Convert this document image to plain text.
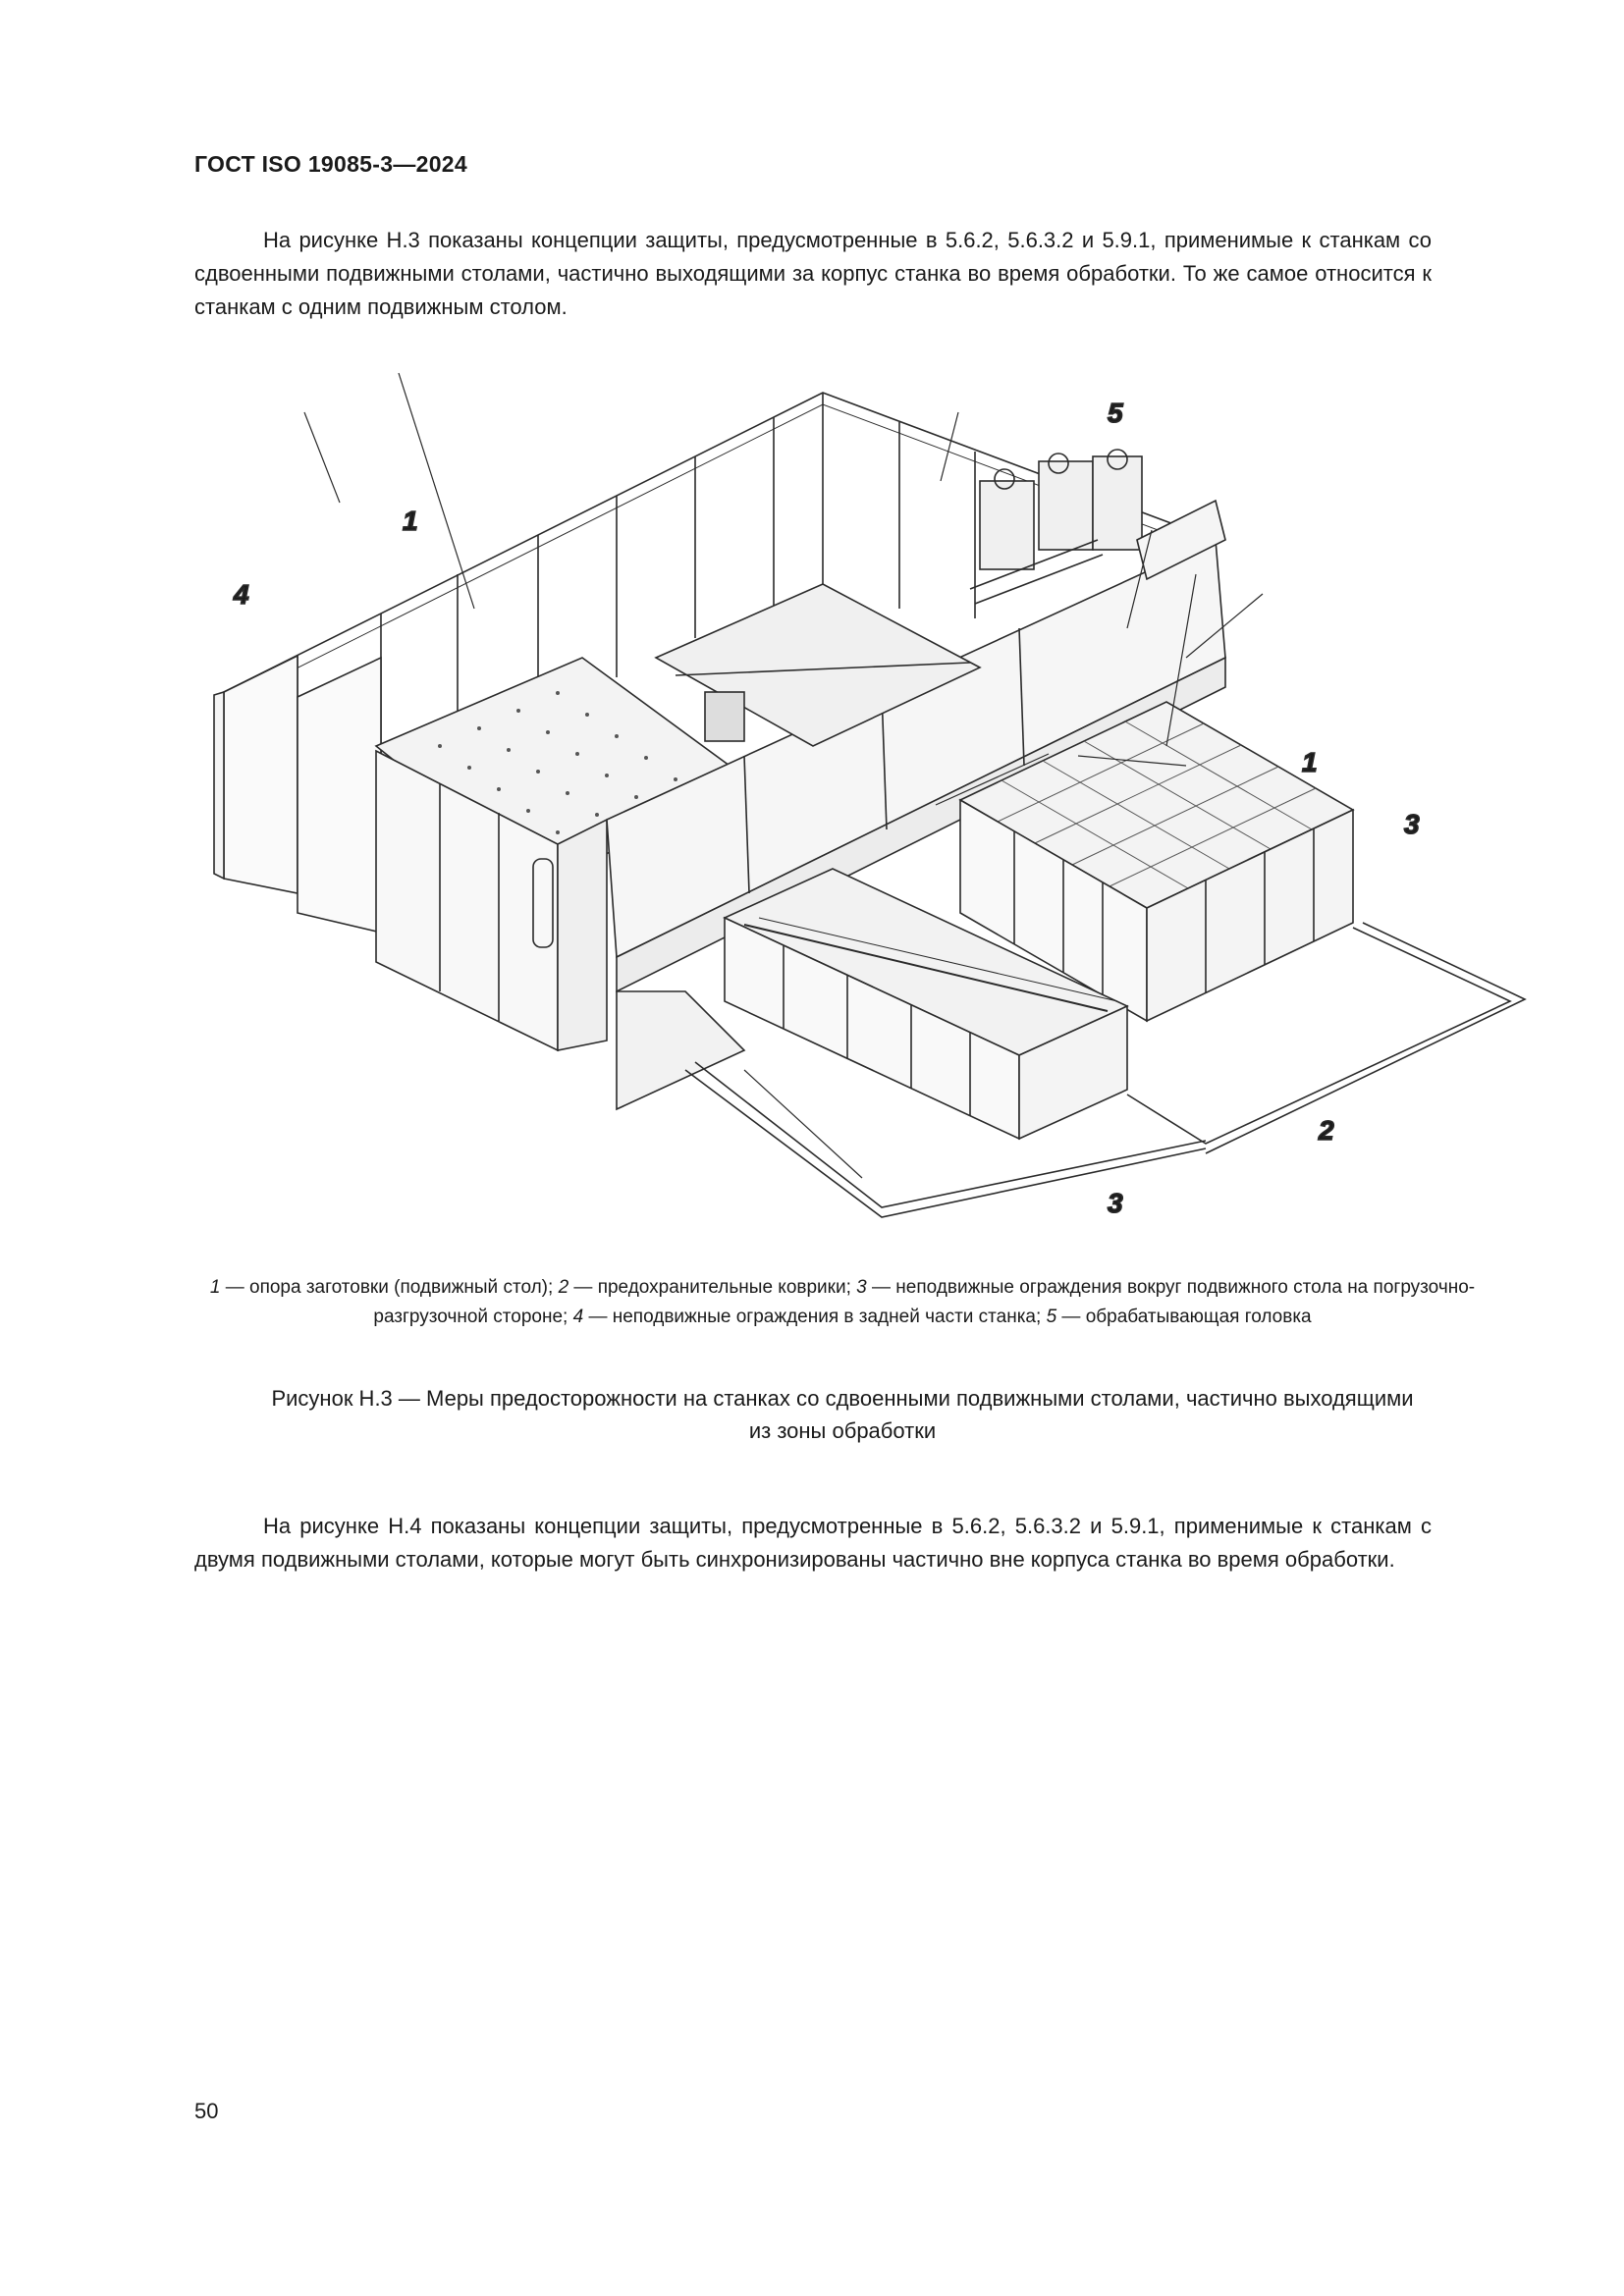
ГОСТ ISO 19085-3—2024
На рисунке Н.3 показаны концепции защиты, предусмотренные в 5.6.2, 5.6.3.2 и 5.9.1, применимые к станкам со сдвоенными подвижными столами, частично выходящими за корпус станка во время обработки. То же самое относится к станкам с одним подвижным столом.
1
1
2
3
3
4
5
1 — опора заготовки (подвижный стол); 2 — предохранительные коврики; 3 — неподвижные ограждения вокруг подвижного стола на погрузочно-разгрузочной стороне; 4 — неподвижные ограждения в задней части станка; 5 — обрабатывающая головка
Рисунок Н.3 — Меры предосторожности на станках со сдвоенными подвижными столами, частично выходящими
из зоны обработки
На рисунке Н.4 показаны концепции защиты, предусмотренные в 5.6.2, 5.6.3.2 и 5.9.1, применимые к станкам с двумя подвижными столами, которые могут быть синхронизированы частично вне корпуса станка во время обработки.
50
